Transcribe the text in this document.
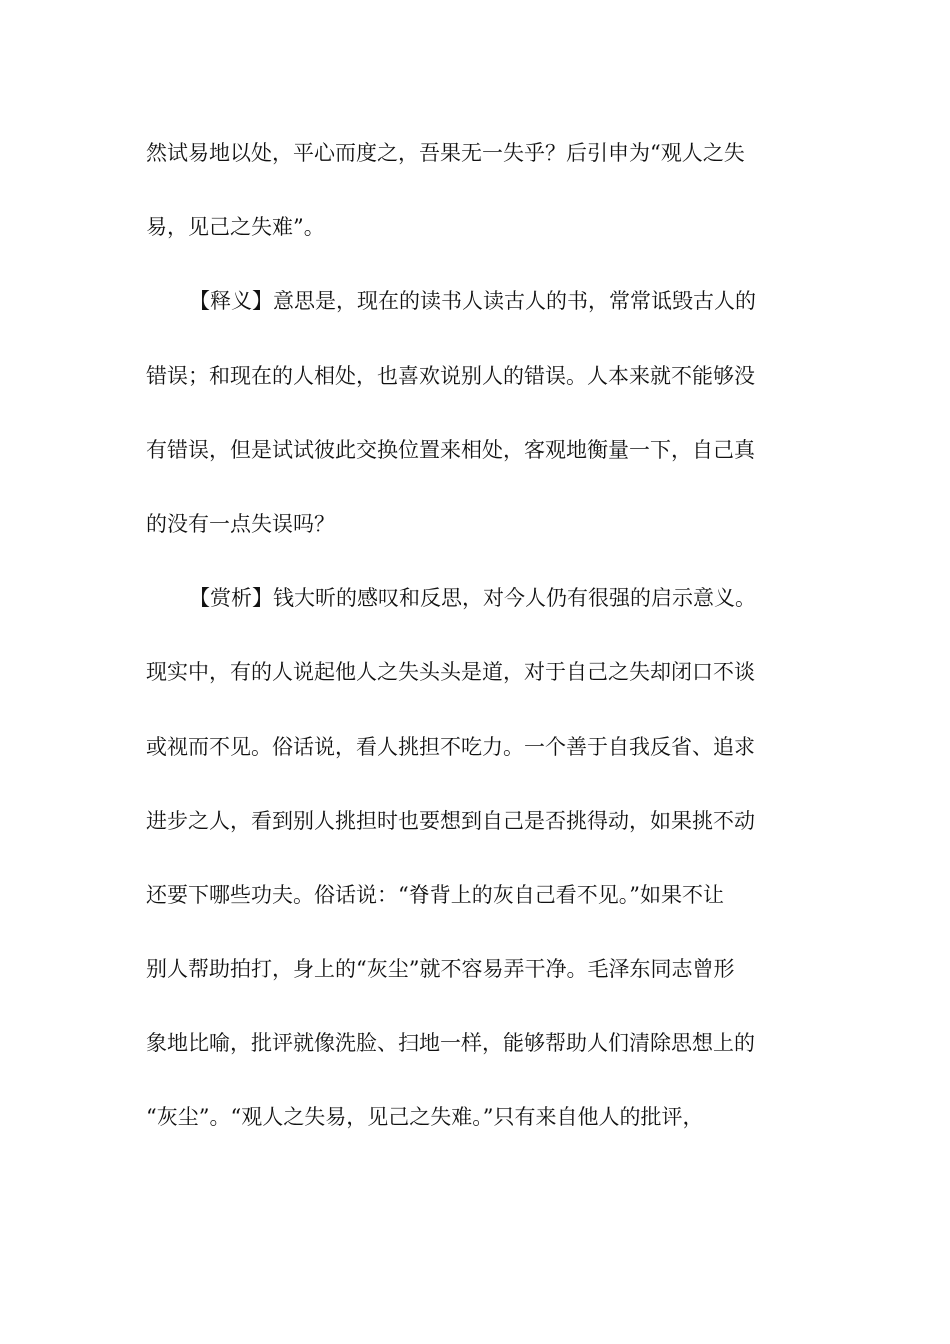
然试易地以处，平心而度之，吾果无一失乎？后引申为“观人之失
易，见己之失难”。
【释义】意思是，现在的读书人读古人的书，常常诋毁古人的
错误；和现在的人相处，也喜欢说别人的错误。人本来就不能够没
有错误，但是试试彼此交换位置来相处，客观地衡量一下，自己真
的没有一点失误吗？
【赏析】钱大昕的感叹和反思，对今人仍有很强的启示意义。
现实中，有的人说起他人之失头头是道，对于自己之失却闭口不谈
或视而不见。俗话说，看人挑担不吃力。一个善于自我反省、追求
进步之人，看到别人挑担时也要想到自己是否挑得动，如果挑不动
还要下哪些功夫。俗话说：“脊背上的灰自己看不见。”如果不让
别人帮助拍打，身上的“灰尘”就不容易弄干净。毛泽东同志曾形
象地比喻，批评就像洗脸、扫地一样，能够帮助人们清除思想上的
“灰尘”。“观人之失易，见己之失难。”只有来自他人的批评，
